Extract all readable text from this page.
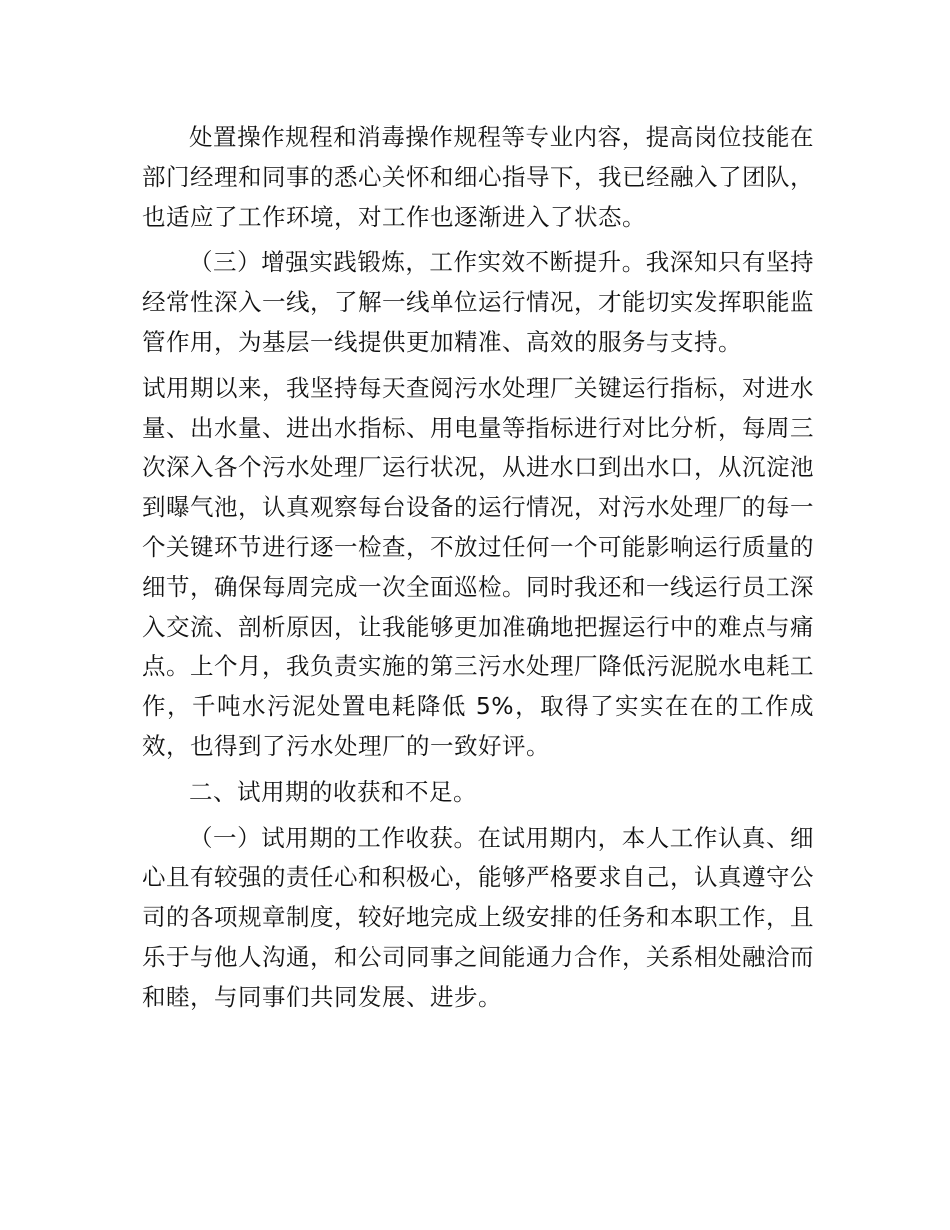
处置操作规程和消毒操作规程等专业内容，提高岗位技能在部门经理和同事的悉心关怀和细心指导下，我已经融入了团队，也适应了工作环境，对工作也逐渐进入了状态。

（三）增强实践锻炼，工作实效不断提升。我深知只有坚持经常性深入一线，了解一线单位运行情况，才能切实发挥职能监管作用，为基层一线提供更加精准、高效的服务与支持。

试用期以来，我坚持每天查阅污水处理厂关键运行指标，对进水量、出水量、进出水指标、用电量等指标进行对比分析，每周三次深入各个污水处理厂运行状况，从进水口到出水口，从沉淀池到曝气池，认真观察每台设备的运行情况，对污水处理厂的每一个关键环节进行逐一检查，不放过任何一个可能影响运行质量的细节，确保每周完成一次全面巡检。同时我还和一线运行员工深入交流、剖析原因，让我能够更加准确地把握运行中的难点与痛点。上个月，我负责实施的第三污水处理厂降低污泥脱水电耗工作，千吨水污泥处置电耗降低 5%，取得了实实在在的工作成效，也得到了污水处理厂的一致好评。

二、试用期的收获和不足。

（一）试用期的工作收获。在试用期内，本人工作认真、细心且有较强的责任心和积极心，能够严格要求自己，认真遵守公司的各项规章制度，较好地完成上级安排的任务和本职工作，且乐于与他人沟通，和公司同事之间能通力合作，关系相处融洽而和睦，与同事们共同发展、进步。
